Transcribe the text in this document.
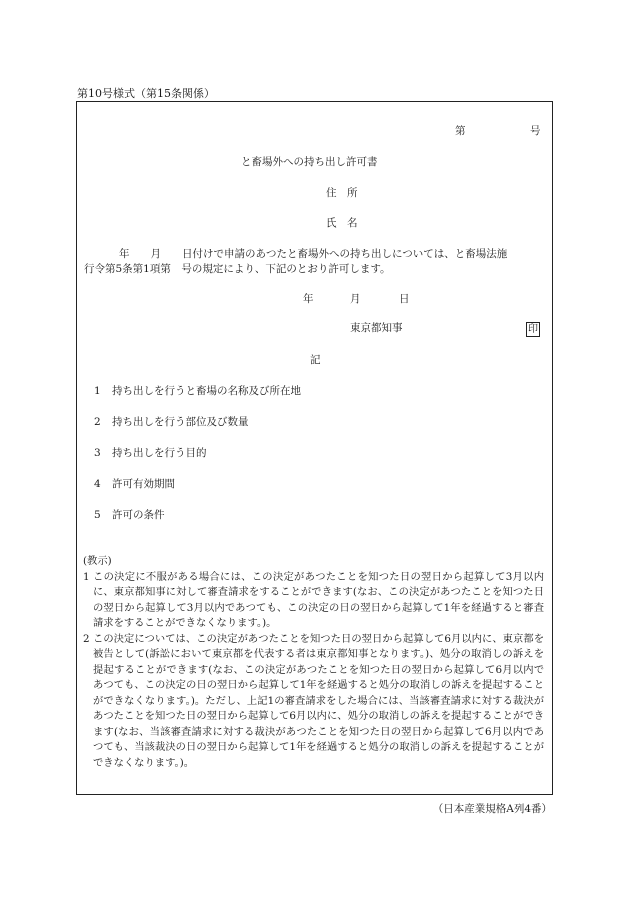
第10号様式（第15条関係）
第	号
と畜場外への持ち出し許可書
住　所
氏　名
年　　月　　日付けで申請のあつたと畜場外への持ち出しについては、と畜場法施
行令第5条第1項第　号の規定により、下記のとおり許可します。
年	月	日
東京都知事	印
記
1 持ち出しを行うと畜場の名称及び所在地
2 持ち出しを行う部位及び数量
3 持ち出しを行う目的
4 許可有効期間
5 許可の条件
(教示)
1 この決定に不服がある場合には、この決定があつたことを知つた日の翌日から起算して3月以内に、東京都知事に対して審査請求をすることができます(なお、この決定があつたことを知つた日の翌日から起算して3月以内であつても、この決定の日の翌日から起算して1年を経過すると審査請求をすることができなくなります。)。
2 この決定については、この決定があつたことを知つた日の翌日から起算して6月以内に、東京都を被告として(訴訟において東京都を代表する者は東京都知事となります。)、処分の取消しの訴えを提起することができます(なお、この決定があつたことを知つた日の翌日から起算して6月以内であつても、この決定の日の翌日から起算して1年を経過すると処分の取消しの訴えを提起することができなくなります。)。ただし、上記1の審査請求をした場合には、当該審査請求に対する裁決があつたことを知つた日の翌日から起算して6月以内に、処分の取消しの訴えを提起することができます(なお、当該審査請求に対する裁決があつたことを知つた日の翌日から起算して6月以内であつても、当該裁決の日の翌日から起算して1年を経過すると処分の取消しの訴えを提起することができなくなります。)。
（日本産業規格A列4番）
